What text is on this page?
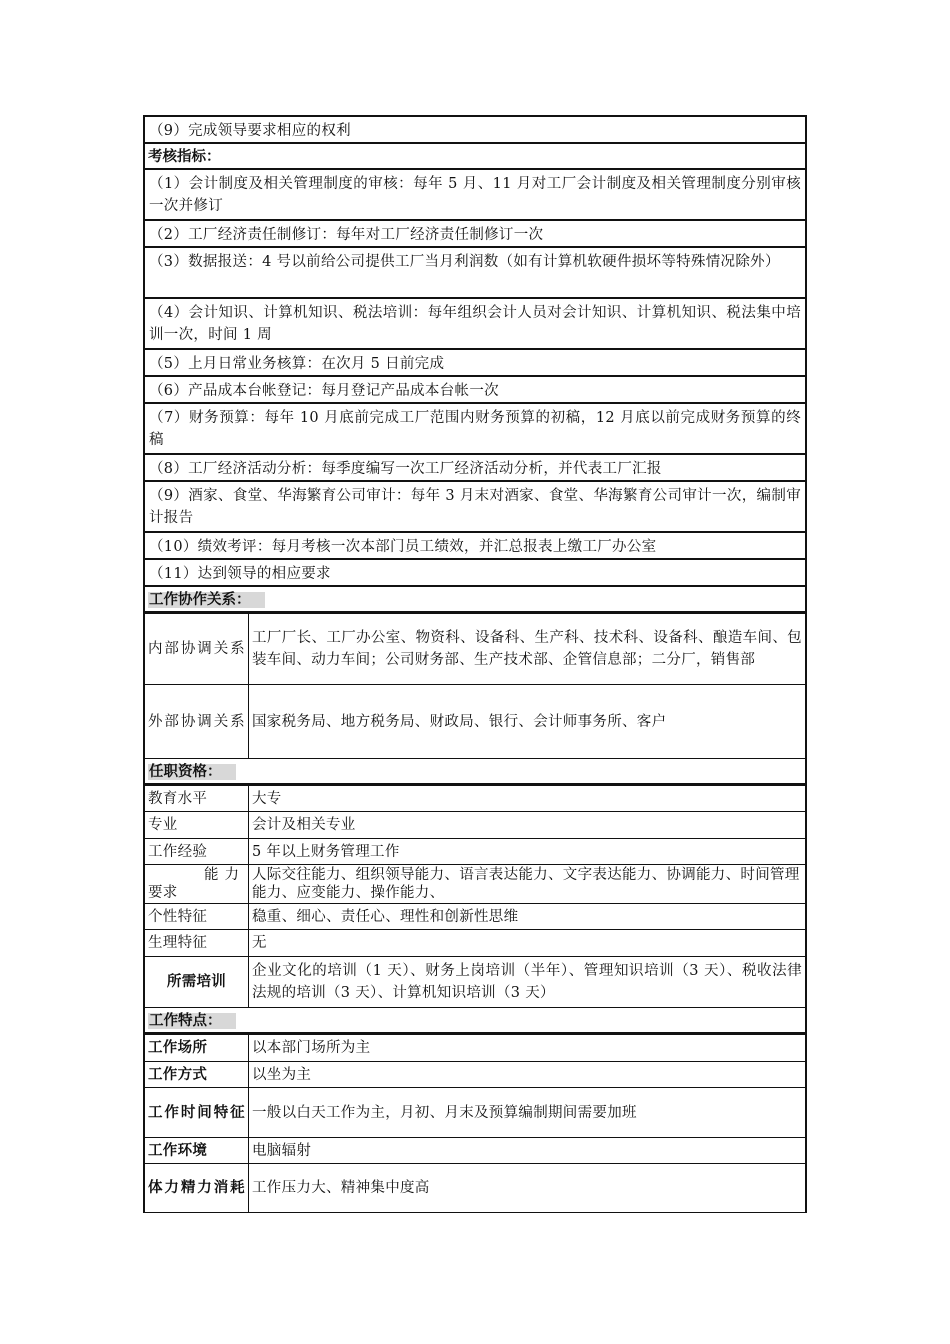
（9）完成领导要求相应的权利
考核指标：
（1）会计制度及相关管理制度的审核：每年 5 月、11 月对工厂会计制度及相关管理制度分别审核一次并修订
（2）工厂经济责任制修订：每年对工厂经济责任制修订一次
（3）数据报送：4 号以前给公司提供工厂当月利润数（如有计算机软硬件损坏等特殊情况除外）
（4）会计知识、计算机知识、税法培训：每年组织会计人员对会计知识、计算机知识、税法集中培训一次，时间 1 周
（5）上月日常业务核算：在次月 5 日前完成
（6）产品成本台帐登记：每月登记产品成本台帐一次
（7）财务预算：每年 10 月底前完成工厂范围内财务预算的初稿，12 月底以前完成财务预算的终稿
（8）工厂经济活动分析：每季度编写一次工厂经济活动分析，并代表工厂汇报
（9）酒家、食堂、华海繁育公司审计：每年 3 月末对酒家、食堂、华海繁育公司审计一次，编制审计报告
（10）绩效考评：每月考核一次本部门员工绩效，并汇总报表上缴工厂办公室
（11）达到领导的相应要求
工作协作关系：
内部协调关系	工厂厂长、工厂办公室、物资科、设备科、生产科、技术科、设备科、酿造车间、包装车间、动力车间；公司财务部、生产技术部、企管信息部；二分厂，销售部

外部协调关系	国家税务局、地方税务局、财政局、银行、会计师事务所、客户
任职资格：
教育水平	大专
专业	会计及相关专业
工作经验	5 年以上财务管理工作

能力
要求	人际交往能力、组织领导能力、语言表达能力、文字表达能力、协调能力、时间管理能力、应变能力、操作能力、
个性特征	稳重、细心、责任心、理性和创新性思维
生理特征	无
所需培训	企业文化的培训（1 天）、财务上岗培训（半年）、管理知识培训（3 天）、税收法律法规的培训（3 天）、计算机知识培训（3 天）
工作特点：
工作场所	以本部门场所为主
工作方式	以坐为主

工作时间特征	一般以白天工作为主，月初、月末及预算编制期间需要加班
工作环境	电脑辐射

体力精力消耗	工作压力大、精神集中度高
